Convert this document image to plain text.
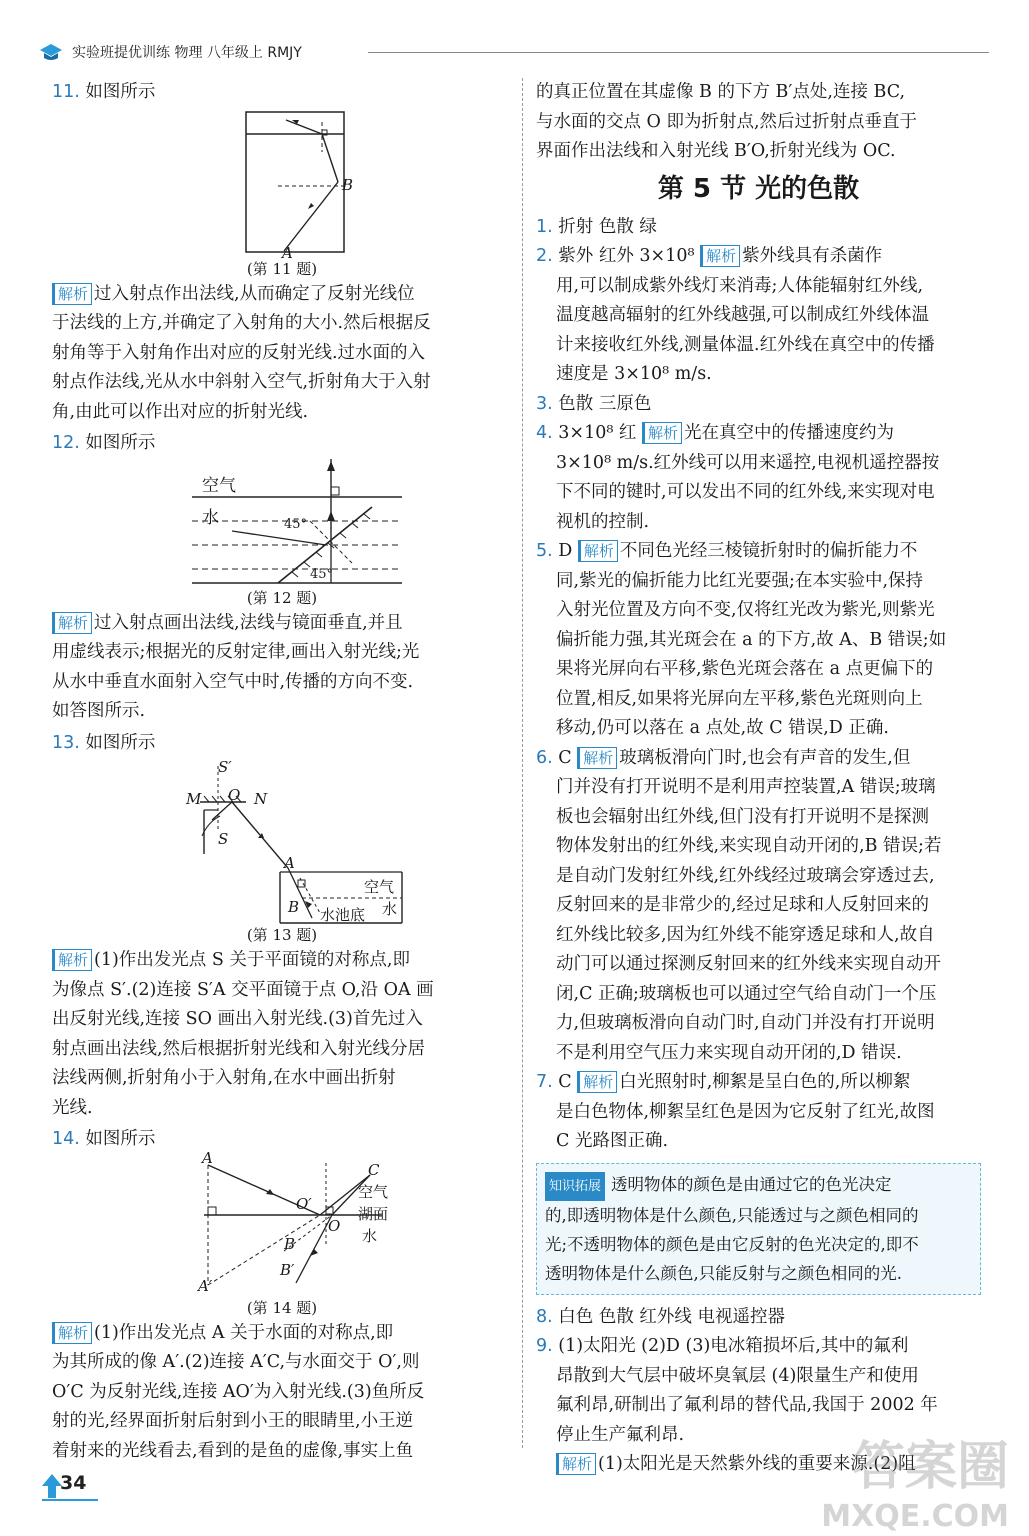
实验班提优训练 物理 八年级上 RMJY

11. 如图所示

B
A

(第 11 题)

解析 过入射点作出法线,从而确定了反射光线位

于法线的上方,并确定了入射角的大小.然后根据反

射角等于入射角作出对应的反射光线.过水面的入

射点作法线,光从水中斜射入空气,折射角大于入射

角,由此可以作出对应的折射光线.

12. 如图所示

空气
水	45°
45°

(第 12 题)

解析 过入射点画出法线,法线与镜面垂直,并且

用虚线表示;根据光的反射定律,画出入射光线;光

从水中垂直水面射入空气中时,传播的方向不变.

如答图所示.

13. 如图所示

S′
M O N
S
A
B
空气
水
水池底

(第 13 题)

解析 (1)作出发光点 S 关于平面镜的对称点,即

为像点 S′.(2)连接 S′A 交平面镜于点 O,沿 OA 画

出反射光线,连接 SO 画出入射光线.(3)首先过入

射点画出法线,然后根据折射光线和入射光线分居

法线两侧,折射角小于入射角,在水中画出折射

光线.

14. 如图所示

A
A′
O′
O
C
B
B′
空气
湖面
水

(第 14 题)

解析 (1)作出发光点 A 关于水面的对称点,即

为其所成的像 A′.(2)连接 A′C,与水面交于 O′,则

O′C 为反射光线,连接 AO′为入射光线.(3)鱼所反

射的光,经界面折射后射到小王的眼睛里,小王逆

着射来的光线看去,看到的是鱼的虚像,事实上鱼

的真正位置在其虚像 B 的下方 B′点处,连接 BC,

与水面的交点 O 即为折射点,然后过折射点垂直于

界面作出法线和入射光线 B′O,折射光线为 OC.

第 5 节 光的色散

1. 折射 色散 绿

2. 紫外 红外 3×10⁸ 解析 紫外线具有杀菌作

用,可以制成紫外线灯来消毒;人体能辐射红外线,

温度越高辐射的红外线越强,可以制成红外线体温

计来接收红外线,测量体温.红外线在真空中的传播

速度是 3×10⁸ m/s.

3. 色散 三原色

4. 3×10⁸ 红 解析 光在真空中的传播速度约为

3×10⁸ m/s.红外线可以用来遥控,电视机遥控器按

下不同的键时,可以发出不同的红外线,来实现对电

视机的控制.

5. D 解析 不同色光经三棱镜折射时的偏折能力不

同,紫光的偏折能力比红光要强;在本实验中,保持

入射光位置及方向不变,仅将红光改为紫光,则紫光

偏折能力强,其光斑会在 a 的下方,故 A、B 错误;如

果将光屏向右平移,紫色光斑会落在 a 点更偏下的

位置,相反,如果将光屏向左平移,紫色光斑则向上

移动,仍可以落在 a 点处,故 C 错误,D 正确.

6. C 解析 玻璃板滑向门时,也会有声音的发生,但

门并没有打开说明不是利用声控装置,A 错误;玻璃

板也会辐射出红外线,但门没有打开说明不是探测

物体发射出的红外线,来实现自动开闭的,B 错误;若

是自动门发射红外线,红外线经过玻璃会穿透过去,

反射回来的是非常少的,经过足球和人反射回来的

红外线比较多,因为红外线不能穿透足球和人,故自

动门可以通过探测反射回来的红外线来实现自动开

闭,C 正确;玻璃板也可以通过空气给自动门一个压

力,但玻璃板滑向自动门时,自动门并没有打开说明

不是利用空气压力来实现自动开闭的,D 错误.

7. C 解析 白光照射时,柳絮是呈白色的,所以柳絮

是白色物体,柳絮呈红色是因为它反射了红光,故图

C 光路图正确.

知识拓展 透明物体的颜色是由通过它的色光决定

的,即透明物体是什么颜色,只能透过与之颜色相同的

光;不透明物体的颜色是由它反射的色光决定的,即不

透明物体是什么颜色,只能反射与之颜色相同的光.

8. 白色 色散 红外线 电视遥控器

9. (1)太阳光 (2)D (3)电冰箱损坏后,其中的氟利

昂散到大气层中破坏臭氧层 (4)限量生产和使用

氟利昂,研制出了氟利昂的替代品,我国于 2002 年

停止生产氟利昂.

解析 (1)太阳光是天然紫外线的重要来源.(2)阻

34	答案圈
MXQE.COM
